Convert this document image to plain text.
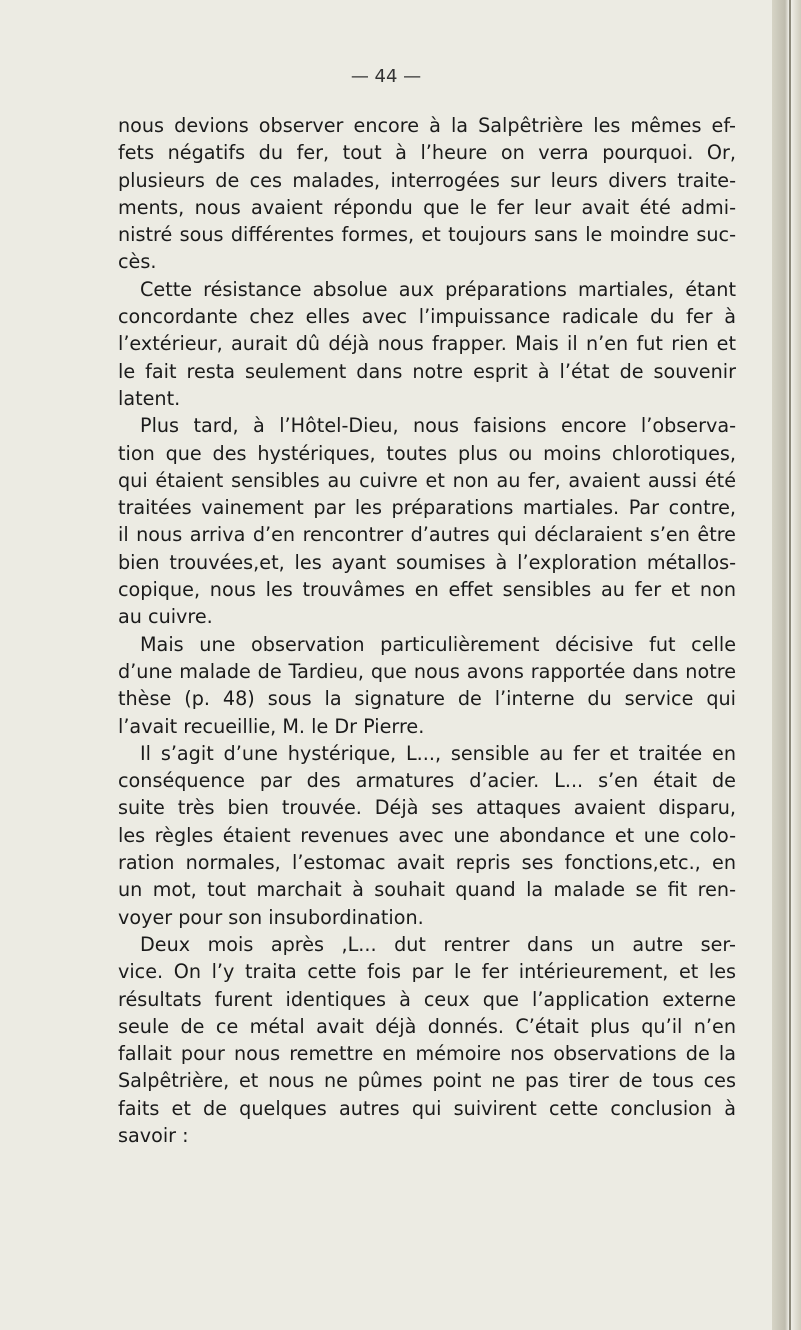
— 44 —
nous devions observer encore à la Salpêtrière les mêmes ef-
fets négatifs du fer, tout à l’heure on verra pourquoi. Or,
plusieurs de ces malades, interrogées sur leurs divers traite-
ments, nous avaient répondu que le fer leur avait été admi-
nistré sous différentes formes, et toujours sans le moindre suc-
cès.
Cette résistance absolue aux préparations martiales, étant
concordante chez elles avec l’impuissance radicale du fer à
l’extérieur, aurait dû déjà nous frapper. Mais il n’en fut rien et
le fait resta seulement dans notre esprit à l’état de souvenir
latent.
Plus tard, à l’Hôtel-Dieu, nous faisions encore l’observa-
tion que des hystériques, toutes plus ou moins chlorotiques,
qui étaient sensibles au cuivre et non au fer, avaient aussi été
traitées vainement par les préparations martiales. Par contre,
il nous arriva d’en rencontrer d’autres qui déclaraient s’en être
bien trouvées,et, les ayant soumises à l’exploration métallos-
copique, nous les trouvâmes en effet sensibles au fer et non
au cuivre.
Mais une observation particulièrement décisive fut celle
d’une malade de Tardieu, que nous avons rapportée dans notre
thèse (p. 48) sous la signature de l’interne du service qui
l’avait recueillie, M. le Dr Pierre.
Il s’agit d’une hystérique, L..., sensible au fer et traitée en
conséquence par des armatures d’acier. L... s’en était de
suite très bien trouvée. Déjà ses attaques avaient disparu,
les règles étaient revenues avec une abondance et une colo-
ration normales, l’estomac avait repris ses fonctions,etc., en
un mot, tout marchait à souhait quand la malade se fit ren-
voyer pour son insubordination.
Deux mois après ,L... dut rentrer dans un autre ser-
vice. On l’y traita cette fois par le fer intérieurement, et les
résultats furent identiques à ceux que l’application externe
seule de ce métal avait déjà donnés. C’était plus qu’il n’en
fallait pour nous remettre en mémoire nos observations de la
Salpêtrière, et nous ne pûmes point ne pas tirer de tous ces
faits et de quelques autres qui suivirent cette conclusion à
savoir :
